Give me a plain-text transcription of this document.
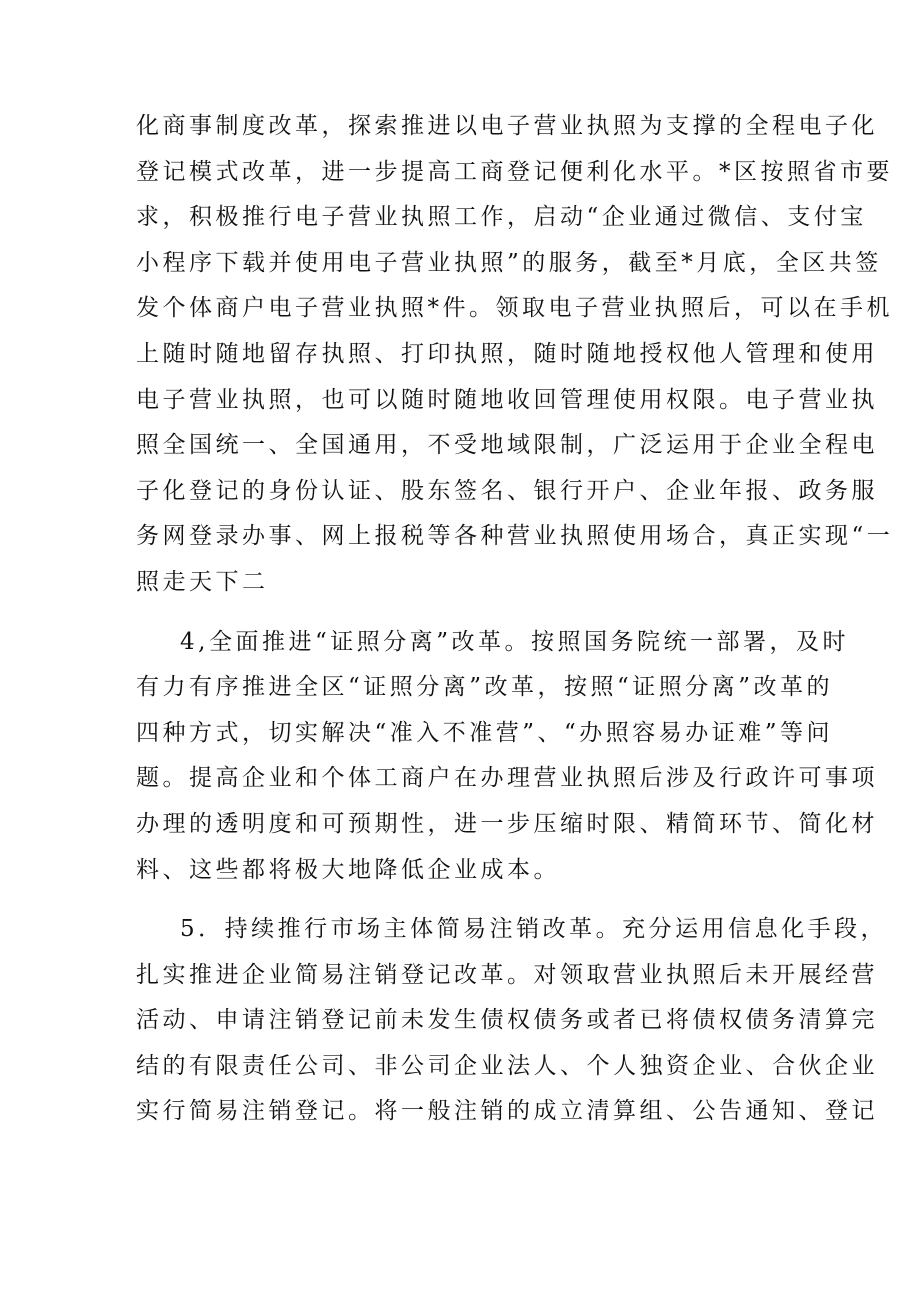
化商事制度改革，探索推进以电子营业执照为支撑的全程电子化
登记模式改革，进一步提高工商登记便利化水平。*区按照省市要
求，积极推行电子营业执照工作，启动“企业通过微信、支付宝
小程序下载并使用电子营业执照”的服务，截至*月底，全区共签
发个体商户电子营业执照*件。领取电子营业执照后，可以在手机
上随时随地留存执照、打印执照，随时随地授权他人管理和使用
电子营业执照，也可以随时随地收回管理使用权限。电子营业执
照全国统一、全国通用，不受地域限制，广泛运用于企业全程电
子化登记的身份认证、股东签名、银行开户、企业年报、政务服
务网登录办事、网上报税等各种营业执照使用场合，真正实现“一
照走天下二
4,全面推进“证照分离”改革。按照国务院统一部署，及时
有力有序推进全区“证照分离”改革，按照“证照分离”改革的
四种方式，切实解决“准入不准营”、“办照容易办证难”等问
题。提高企业和个体工商户在办理营业执照后涉及行政许可事项
办理的透明度和可预期性，进一步压缩时限、精简环节、简化材
料、这些都将极大地降低企业成本。
5．持续推行市场主体简易注销改革。充分运用信息化手段，
扎实推进企业简易注销登记改革。对领取营业执照后未开展经营
活动、申请注销登记前未发生债权债务或者已将债权债务清算完
结的有限责任公司、非公司企业法人、个人独资企业、合伙企业
实行简易注销登记。将一般注销的成立清算组、公告通知、登记
